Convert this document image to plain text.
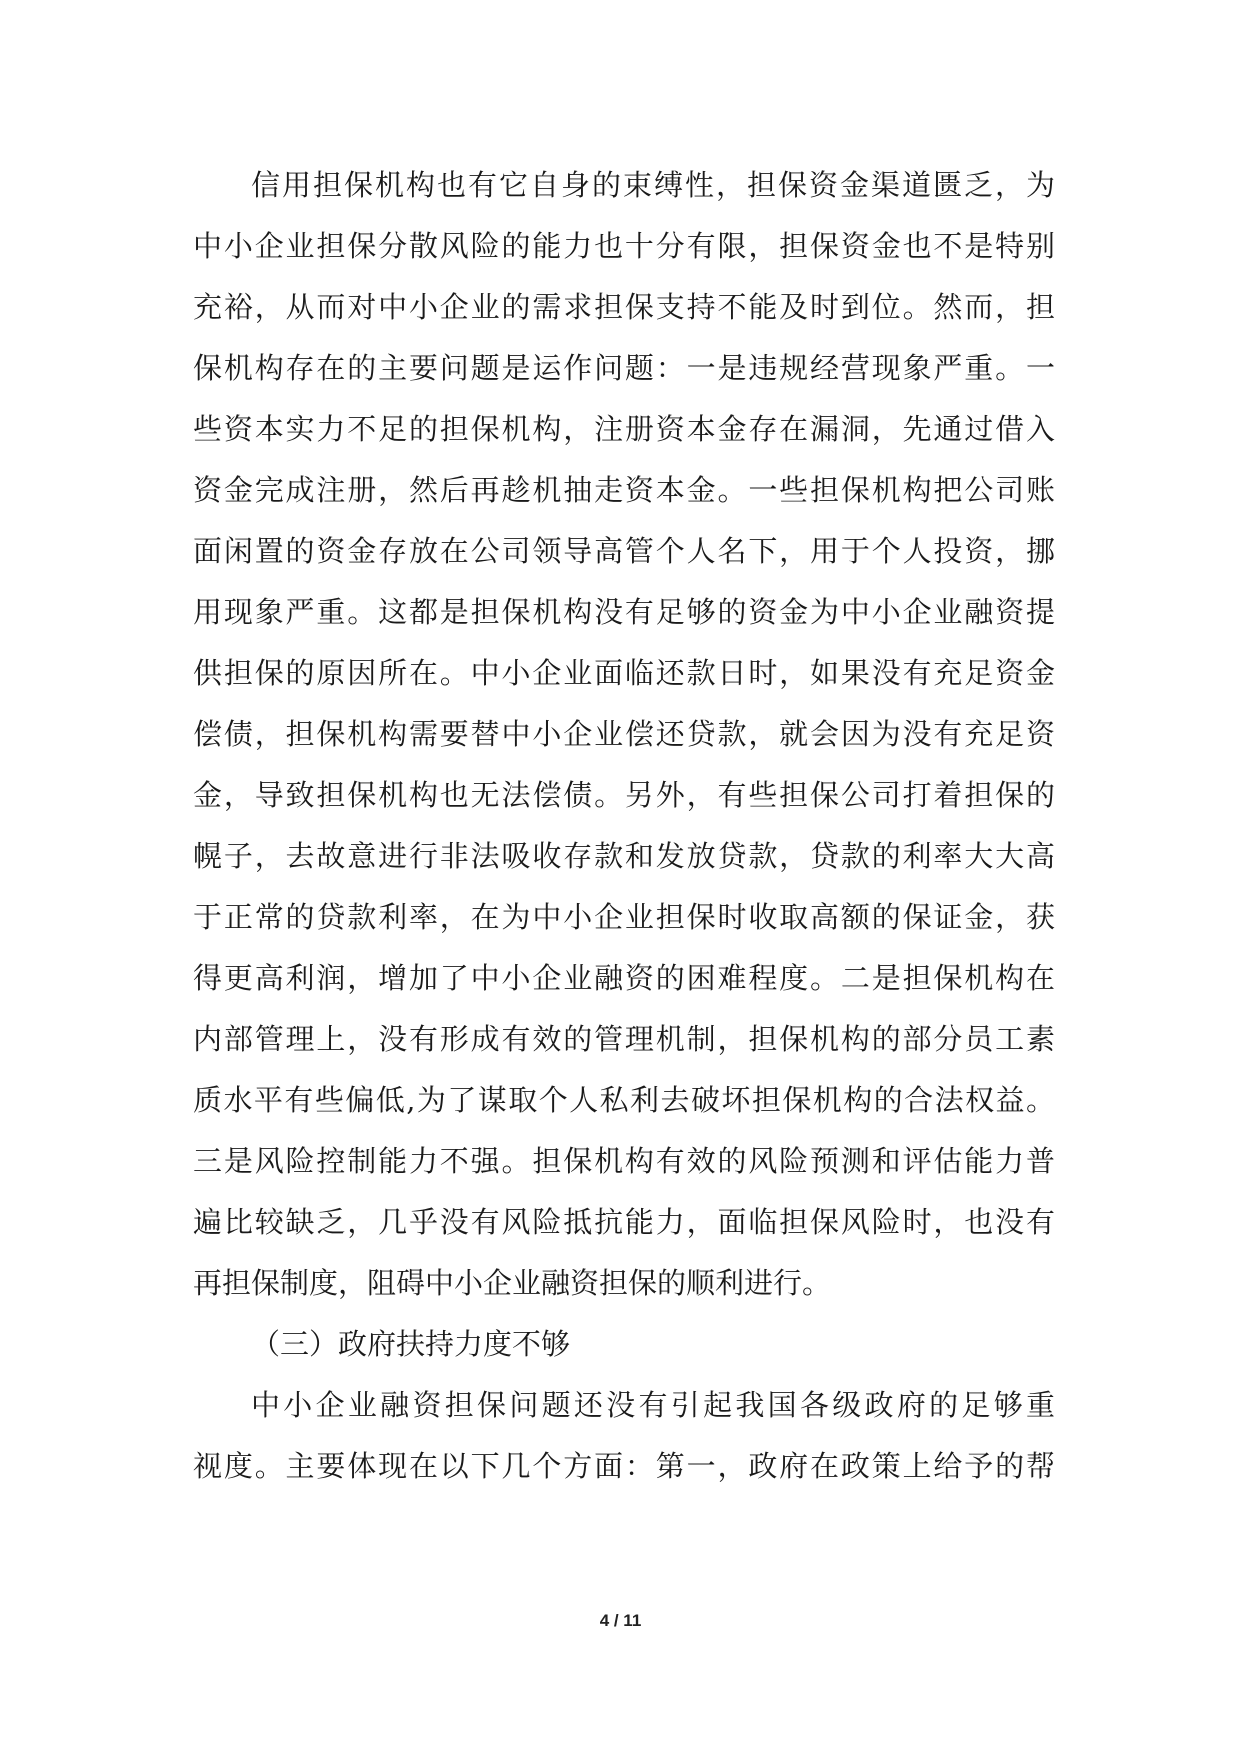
信用担保机构也有它自身的束缚性，担保资金渠道匮乏，为
中小企业担保分散风险的能力也十分有限，担保资金也不是特别
充裕，从而对中小企业的需求担保支持不能及时到位。然而，担
保机构存在的主要问题是运作问题：一是违规经营现象严重。一
些资本实力不足的担保机构，注册资本金存在漏洞，先通过借入
资金完成注册，然后再趁机抽走资本金。一些担保机构把公司账
面闲置的资金存放在公司领导高管个人名下，用于个人投资，挪
用现象严重。这都是担保机构没有足够的资金为中小企业融资提
供担保的原因所在。中小企业面临还款日时，如果没有充足资金
偿债，担保机构需要替中小企业偿还贷款，就会因为没有充足资
金，导致担保机构也无法偿债。另外，有些担保公司打着担保的
幌子，去故意进行非法吸收存款和发放贷款，贷款的利率大大高
于正常的贷款利率，在为中小企业担保时收取高额的保证金，获
得更高利润，增加了中小企业融资的困难程度。二是担保机构在
内部管理上，没有形成有效的管理机制，担保机构的部分员工素
质水平有些偏低,为了谋取个人私利去破坏担保机构的合法权益。
三是风险控制能力不强。担保机构有效的风险预测和评估能力普
遍比较缺乏，几乎没有风险抵抗能力，面临担保风险时，也没有
再担保制度，阻碍中小企业融资担保的顺利进行。
（三）政府扶持力度不够
中小企业融资担保问题还没有引起我国各级政府的足够重
视度。主要体现在以下几个方面：第一，政府在政策上给予的帮
4 / 11
